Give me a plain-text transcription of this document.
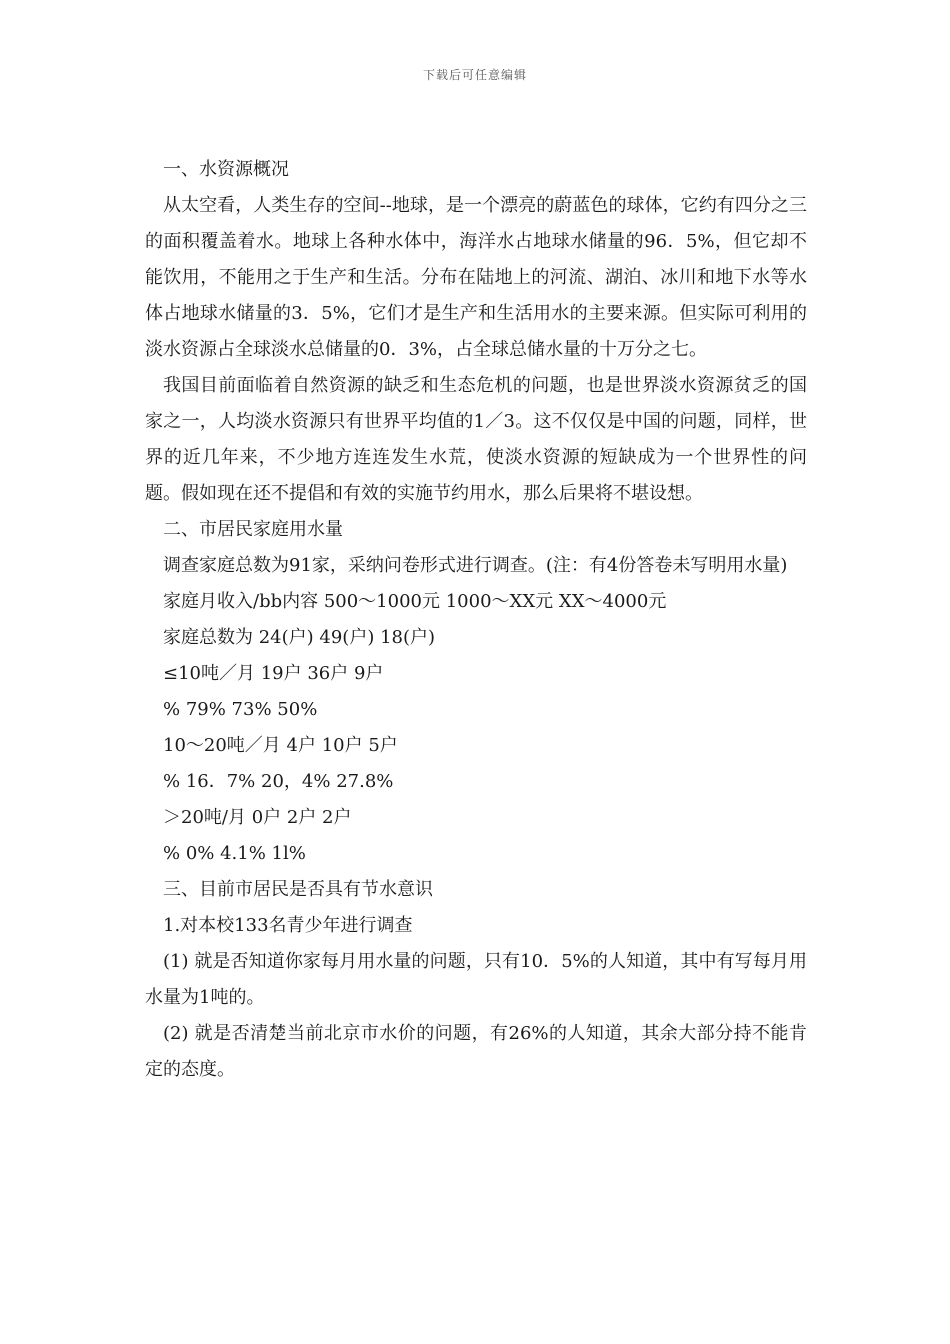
下载后可任意编辑

一、水资源概况

从太空看，人类生存的空间--地球，是一个漂亮的蔚蓝色的球体，它约有四分之三的面积覆盖着水。地球上各种水体中，海洋水占地球水储量的96．5%，但它却不能饮用，不能用之于生产和生活。分布在陆地上的河流、湖泊、冰川和地下水等水体占地球水储量的3．5%，它们才是生产和生活用水的主要来源。但实际可利用的淡水资源占全球淡水总储量的0．3%，占全球总储水量的十万分之七。

我国目前面临着自然资源的缺乏和生态危机的问题，也是世界淡水资源贫乏的国家之一，人均淡水资源只有世界平均值的1／3。这不仅仅是中国的问题，同样，世界的近几年来，不少地方连连发生水荒，使淡水资源的短缺成为一个世界性的问题。假如现在还不提倡和有效的实施节约用水，那么后果将不堪设想。

二、市居民家庭用水量

调查家庭总数为91家，采纳问卷形式进行调查。(注：有4份答卷未写明用水量)

家庭月收入/bb内容 500～1000元 1000～XX元 XX～4000元

家庭总数为 24(户) 49(户) 18(户)

≤10吨／月 19户 36户 9户

% 79% 73% 50%

10～20吨／月 4户 10户 5户

% 16．7% 20，4% 27.8%

＞20吨/月 0户 2户 2户

% 0% 4.1% 1l%

三、目前市居民是否具有节水意识

1.对本校133名青少年进行调查

(1) 就是否知道你家每月用水量的问题，只有10．5%的人知道，其中有写每月用水量为1吨的。

(2) 就是否清楚当前北京市水价的问题，有26%的人知道，其余大部分持不能肯定的态度。
